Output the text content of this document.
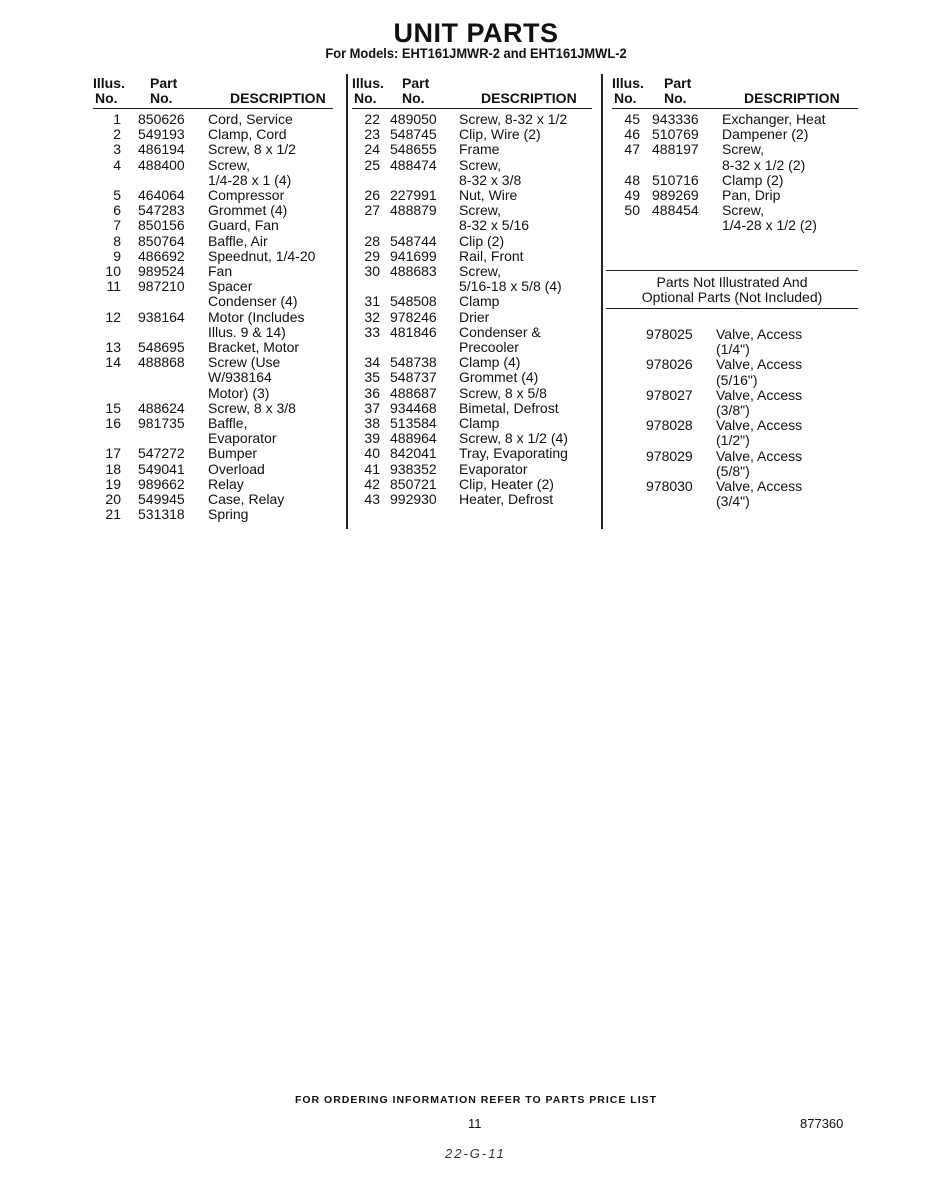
UNIT PARTS
For Models: EHT161JMWR-2 and EHT161JMWL-2
Illus.
No.
Part
No.	DESCRIPTION
1 850626 Cord, Service
2 549193 Clamp, Cord
3 486194 Screw, 8 x 1/2
4 488400 Screw,
1/4-28 x 1 (4)
5 464064 Compressor
6 547283 Grommet (4)
7 850156 Guard, Fan
8 850764 Baffle, Air
9 486692 Speednut, 1/4-20
10 989524 Fan
11 987210 Spacer
Condenser (4)
12 938164 Motor (Includes
Illus. 9 & 14)
13 548695 Bracket, Motor
14 488868 Screw (Use
W/938164
Motor) (3)
15 488624 Screw, 8 x 3/8
16 981735 Baffle,
Evaporator
17 547272 Bumper
18 549041 Overload
19 989662 Relay
20 549945 Case, Relay
21 531318 Spring
Illus.
No.
Part
No.	DESCRIPTION
22 489050 Screw, 8-32 x 1/2
23 548745 Clip, Wire (2)
24 548655 Frame
25 488474 Screw,
8-32 x 3/8
26 227991 Nut, Wire
27 488879 Screw,
8-32 x 5/16
28 548744 Clip (2)
29 941699 Rail, Front
30 488683 Screw,
5/16-18 x 5/8 (4)
31 548508 Clamp
32 978246 Drier
33 481846 Condenser &
Precooler
34 548738 Clamp (4)
35 548737 Grommet (4)
36 488687 Screw, 8 x 5/8
37 934468 Bimetal, Defrost
38 513584 Clamp
39 488964 Screw, 8 x 1/2 (4)
40 842041 Tray, Evaporating
41 938352 Evaporator
42 850721 Clip, Heater (2)
43 992930 Heater, Defrost
Illus.
No.
Part
No.	DESCRIPTION
45 943336 Exchanger, Heat
46 510769 Dampener (2)
47 488197 Screw,
8-32 x 1/2 (2)
48 510716 Clamp (2)
49 989269 Pan, Drip
50 488454 Screw,
1/4-28 x 1/2 (2)
Parts Not Illustrated And
Optional Parts (Not Included)
978025 Valve, Access
(1/4")
978026 Valve, Access
(5/16")
978027 Valve, Access
(3/8")
978028 Valve, Access
(1/2")
978029 Valve, Access
(5/8")
978030 Valve, Access
(3/4")
FOR ORDERING INFORMATION REFER TO PARTS PRICE LIST
11	877360
22-G-11
